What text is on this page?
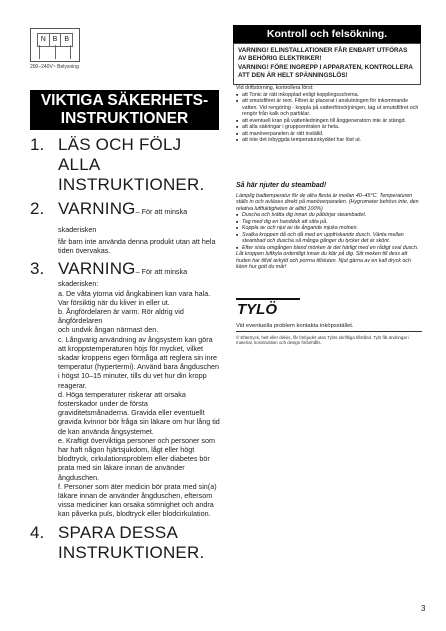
N B	B
200–240V~ Belysning
VIKTIGA SÄKERHETS-
INSTRUKTIONER
1. LÄS OCH FÖLJ ALLA INSTRUKTIONER.
2. VARNING– För att minska skaderisken
får barn inte använda denna produkt utan att hela tiden övervakas.
3. VARNING– För att minska
skaderisken:
a. De våta ytorna vid ångkabinen kan vara hala. Var försiktig när du kliver in eller ut.
b. Ångfördelaren är varm. Rör aldrig vid ångfördelaren
och undvik ångan närmast den.
c. Långvarig användning av ångsystem kan göra att kroppstemperaturen höjs för mycket, vilket skadar kroppens egen förmåga att reglera sin inre temperatur (hypertermi). Använd bara ångduschen i högst 10–15 minuter, tills du vet hur din kropp reagerar.
d. Höga temperaturer riskerar att orsaka fosterskador under de första graviditetsmånaderna. Gravida eller eventuellt gravida kvinnor bör fråga sin läkare om hur lång tid de kan använda ångsystemet.
e. Kraftigt överviktiga personer och personer som har haft någon hjärtsjukdom, lågt eller högt blodtryck, cirkulationsproblem eller diabetes bör prata med sin läkare innan de använder ångduschen.
f. Personer som äter medicin bör prata med sin(a) läkare innan de använder ångduschen, eftersom vissa mediciner kan orsaka sömnighet och andra kan påverka puls, blodtryck eller blodcirkulation.
4. SPARA DESSA INSTRUKTIONER.
Kontroll och felsökning.

VARNING! ELINSTALLATIONER FÅR ENBART UTFÖRAS AV BEHÖRIG ELEKTRIKER!

VARNING! FÖRE INGREPP I APPARATEN, KONTROLLERA ATT DEN ÄR HELT SPÄNNINGSLÖS!

Vid driftstörning, kontrollera först:
■ att Tonic är rätt inkopplad enligt kopplingsschema.
■ att smutsfiltret är rent. Filtret är placerat i anslutningen för inkommande vatten. Vid rengöring - koppla på vattenförsörjningen, tag ut smutsfiltret och rengör från kalk och partiklar.
■ att eventuell kran på vattenledningen till ånggeneratorn inte är stängd.
■ att alla säkringar i gruppcentralen är hela.
■ att manöverpanelen är rätt inställd.
■ att inte det inbyggda temperaturskyddet har löst ut.
Så här njuter du steambad!

Lämplig badtemperatur för de allra flesta är mellan 40–45°C. Temperaturen ställs in och avläses direkt på manöverpanelen. (Hygrometer behövs inte, den relativa luftfuktigheten är alltid 100%)

■ Duscha och tvätta dig innan du påbörjar steambadet.
■ Tag med dig en handduk att sitta på.
■ Koppla av och njut av de ångande mjuka molnen.
■ Svalka kroppen då och då med en uppfriskande dusch. Vänta mellan steambad och duscha så många gånger du tycker det är skönt.
■ Efter sista omgången bland mörken är det härligt med en rådigt sval dusch.

Låt kroppen luftkyla ordentligt innan du klär på dig. Sitt meken till dess att huden har tillvit avkyld och porrna tillsluten. Njut gärna av en kall dryck och känn hur gott du mår!

TYLÖ
Vid eventuella problem kontakta inköpsstället.
© Eftertryck, helt eller delvis, får förbjudet utan Tylös skriftliga tillstånd. Tylö fåt ändringar i material, konstruktion och design förbehålls.
3
